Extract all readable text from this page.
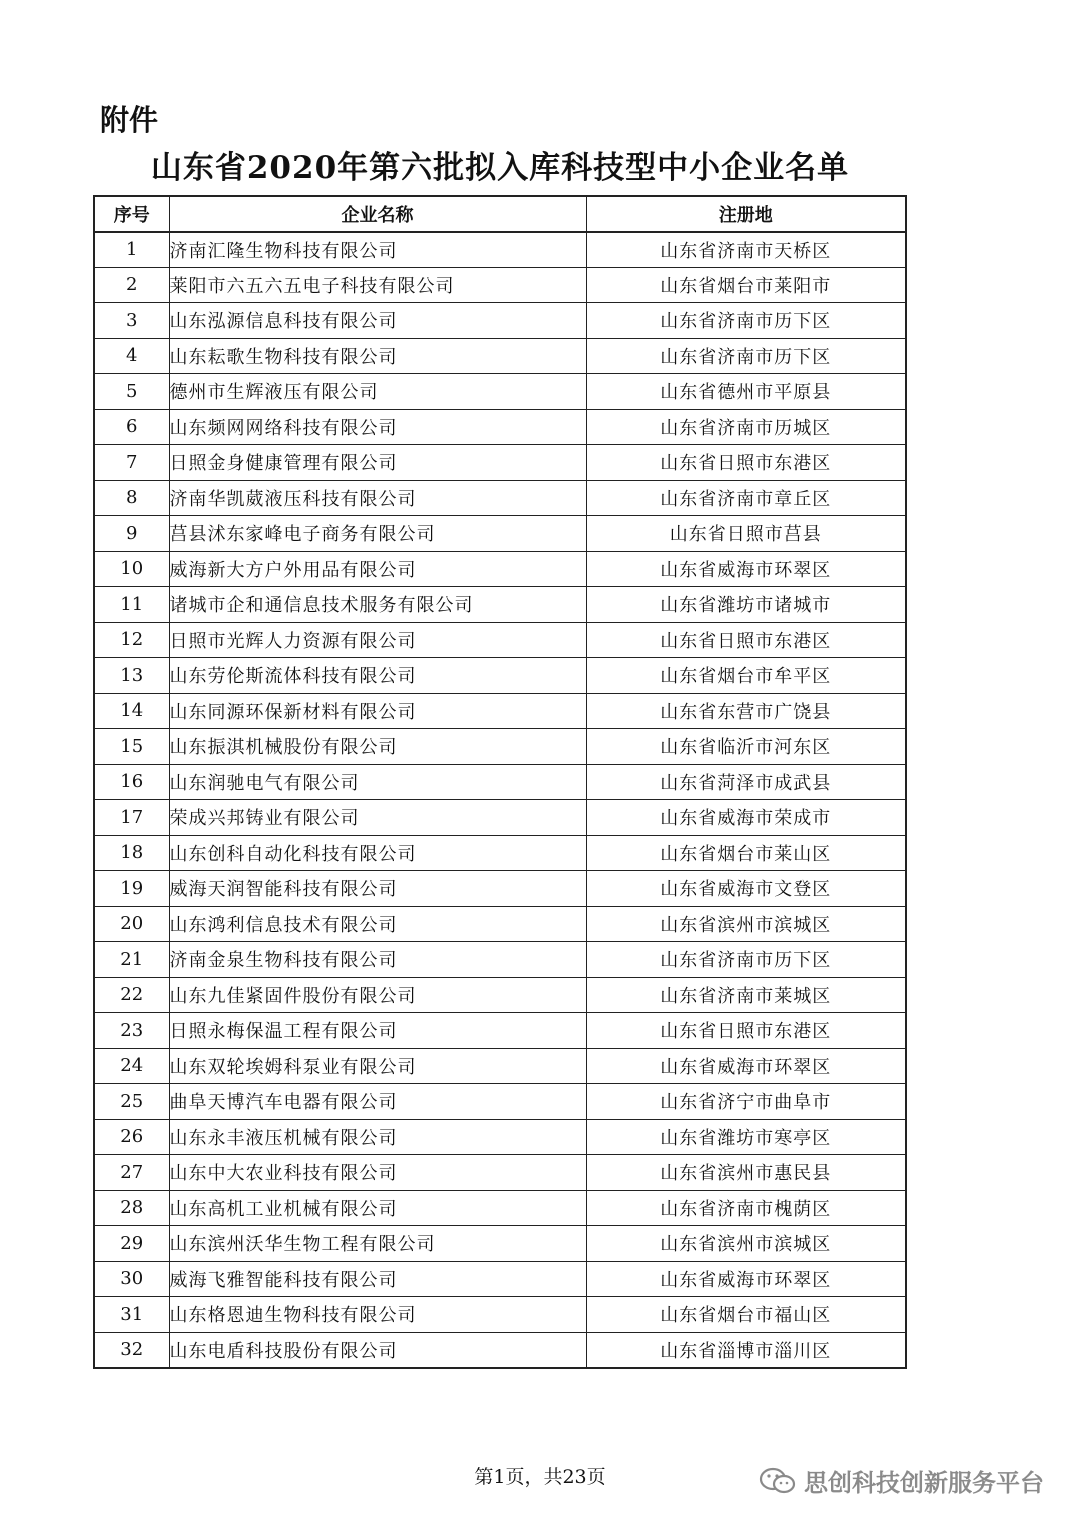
附件
山东省2020年第六批拟入库科技型中小企业名单
序号	企业名称	注册地
1	济南汇隆生物科技有限公司	山东省济南市天桥区
2	莱阳市六五六五电子科技有限公司	山东省烟台市莱阳市
3	山东泓源信息科技有限公司	山东省济南市历下区
4	山东耘歌生物科技有限公司	山东省济南市历下区
5	德州市生辉液压有限公司	山东省德州市平原县
6	山东频网网络科技有限公司	山东省济南市历城区
7	日照金身健康管理有限公司	山东省日照市东港区
8	济南华凯葳液压科技有限公司	山东省济南市章丘区
9	莒县沭东家峰电子商务有限公司	山东省日照市莒县
10	威海新大方户外用品有限公司	山东省威海市环翠区
11	诸城市企和通信息技术服务有限公司	山东省潍坊市诸城市
12	日照市光辉人力资源有限公司	山东省日照市东港区
13	山东劳伦斯流体科技有限公司	山东省烟台市牟平区
14	山东同源环保新材料有限公司	山东省东营市广饶县
15	山东振淇机械股份有限公司	山东省临沂市河东区
16	山东润驰电气有限公司	山东省菏泽市成武县
17	荣成兴邦铸业有限公司	山东省威海市荣成市
18	山东创科自动化科技有限公司	山东省烟台市莱山区
19	威海天润智能科技有限公司	山东省威海市文登区
20	山东鸿利信息技术有限公司	山东省滨州市滨城区
21	济南金泉生物科技有限公司	山东省济南市历下区
22	山东九佳紧固件股份有限公司	山东省济南市莱城区
23	日照永梅保温工程有限公司	山东省日照市东港区
24	山东双轮埃姆科泵业有限公司	山东省威海市环翠区
25	曲阜天博汽车电器有限公司	山东省济宁市曲阜市
26	山东永丰液压机械有限公司	山东省潍坊市寒亭区
27	山东中大农业科技有限公司	山东省滨州市惠民县
28	山东高机工业机械有限公司	山东省济南市槐荫区
29	山东滨州沃华生物工程有限公司	山东省滨州市滨城区
30	威海飞雅智能科技有限公司	山东省威海市环翠区
31	山东格恩迪生物科技有限公司	山东省烟台市福山区
32	山东电盾科技股份有限公司	山东省淄博市淄川区
第1页，共23页	思创科技创新服务平台
